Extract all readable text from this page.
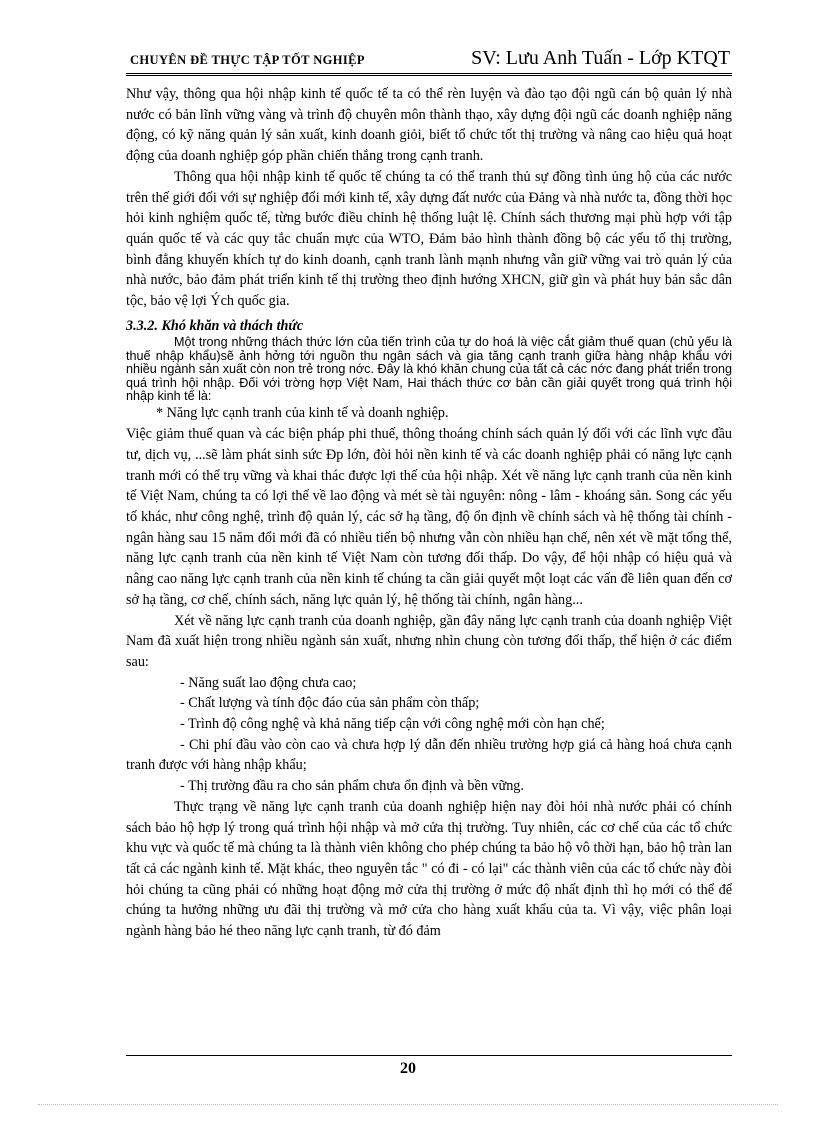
CHUYÊN ĐỀ THỰC TẬP TỐT NGHIỆP	SV: Lưu Anh Tuấn - Lớp KTQT

Như vậy, thông qua hội nhập kinh tế quốc tế ta có thể rèn luyện và đào tạo đội ngũ cán bộ quản lý nhà nước có bản lĩnh vững vàng và trình độ chuyên môn thành thạo, xây dựng đội ngũ các doanh nghiệp năng động, có kỹ năng quản lý sản xuất, kinh doanh giỏi, biết tổ chức tốt thị trường và nâng cao hiệu quả hoạt động của doanh nghiệp góp phần chiến thắng trong cạnh tranh.

Thông qua hội nhập kinh tế quốc tế chúng ta có thể tranh thủ sự đồng tình ủng hộ của các nước trên thế giới đối với sự nghiệp đổi mới kinh tế, xây dựng đất nước của Đảng và nhà nước ta, đồng thời học hỏi kinh nghiệm quốc tế, từng bước điều chỉnh hệ thống luật lệ. Chính sách thương mại phù hợp với tập quán quốc tế và các quy tắc chuẩn mực của WTO, Đảm bảo hình thành đồng bộ các yếu tố thị trường, bình đẳng khuyến khích tự do kinh doanh, cạnh tranh lành mạnh nhưng vẫn giữ vững vai trò quản lý của nhà nước, bảo đảm phát triển kinh tế thị trường theo định hướng XHCN, giữ gìn và phát huy bản sắc dân tộc, bảo vệ lợi Ých quốc gia.

3.3.2. Khó khăn và thách thức

Một trong những thách thức lớn của tiến trình của tự do hoá là việc cắt giảm thuế quan (chủ yếu là thuế nhập khẩu)sẽ ảnh hởng tới nguồn thu ngân sách và gia tăng cạnh tranh giữa hàng nhập khẩu với nhiều ngành sản xuất còn non trẻ trong nớc. Đây là khó khăn chung của tất cả các nớc đang phát triển trong quá trình hội nhập. Đối với trờng hợp Việt Nam, Hai thách thức cơ bản cần giải quyết trong quá trình hội nhập kinh tế là:

* Năng lực cạnh tranh của kinh tế và doanh nghiệp.

Việc giảm thuế quan và các biện pháp phi thuế, thông thoáng chính sách quản lý đối với các lĩnh vực đầu tư, dịch vụ, ...sẽ làm phát sinh sức Ðp lớn, đòi hỏi nền kinh tế và các doanh nghiệp phải có năng lực cạnh tranh mới có thể trụ vững và khai thác được lợi thế của hội nhập. Xét về năng lực cạnh tranh của nền kinh tế Việt Nam, chúng ta có lợi thế về lao động và mét sè tài nguyên: nông - lâm - khoáng sản. Song các yếu tố khác, như công nghệ, trình độ quản lý, các sở hạ tầng, độ ổn định về chính sách và hệ thống tài chính - ngân hàng sau 15 năm đổi mới đã có nhiều tiến bộ nhưng vẫn còn nhiều hạn chế, nên xét về mặt tổng thể, năng lực cạnh tranh của nền kinh tế Việt Nam còn tương đối thấp. Do vậy, để hội nhập có hiệu quả và nâng cao năng lực cạnh tranh của nền kinh tế chúng ta cần giải quyết một loạt các vấn đề liên quan đến cơ sở hạ tầng, cơ chế, chính sách, năng lực quản lý, hệ thống tài chính, ngân hàng...

Xét về năng lực cạnh tranh của doanh nghiệp, gần đây năng lực cạnh tranh của doanh nghiệp Việt Nam đã xuất hiện trong nhiều ngành sản xuất, nhưng nhìn chung còn tương đối thấp, thể hiện ở các điểm sau:

- Năng suất lao động chưa cao;

- Chất lượng và tính độc đáo của sản phẩm còn thấp;

- Trình độ công nghệ và khả năng tiếp cận với công nghệ mới còn hạn chế;

- Chi phí đầu vào còn cao và chưa hợp lý dẫn đến nhiều trường hợp giá cả hàng hoá chưa cạnh tranh được với hàng nhập khẩu;

- Thị trường đầu ra cho sản phẩm chưa ổn định và bền vững.

Thực trạng về năng lực cạnh tranh của doanh nghiệp hiện nay đòi hỏi nhà nước phải có chính sách bảo hộ hợp lý trong quá trình hội nhập và mở cửa thị trường. Tuy nhiên, các cơ chế của các tổ chức khu vực và quốc tế mà chúng ta là thành viên không cho phép chúng ta bảo hộ vô thời hạn, bảo hộ tràn lan tất cả các ngành kinh tế. Mặt khác, theo nguyên tắc " có đi - có lại" các thành viên của các tổ chức này đòi hỏi chúng ta cũng phải có những hoạt động mở cửa thị trường ở mức độ nhất định thì họ mới có thể để chúng ta hưởng những ưu đãi thị trường và mở cửa cho hàng xuất khẩu của ta. Vì vậy, việc phân loại ngành hàng bảo hé theo năng lực cạnh tranh, từ đó đảm

20
